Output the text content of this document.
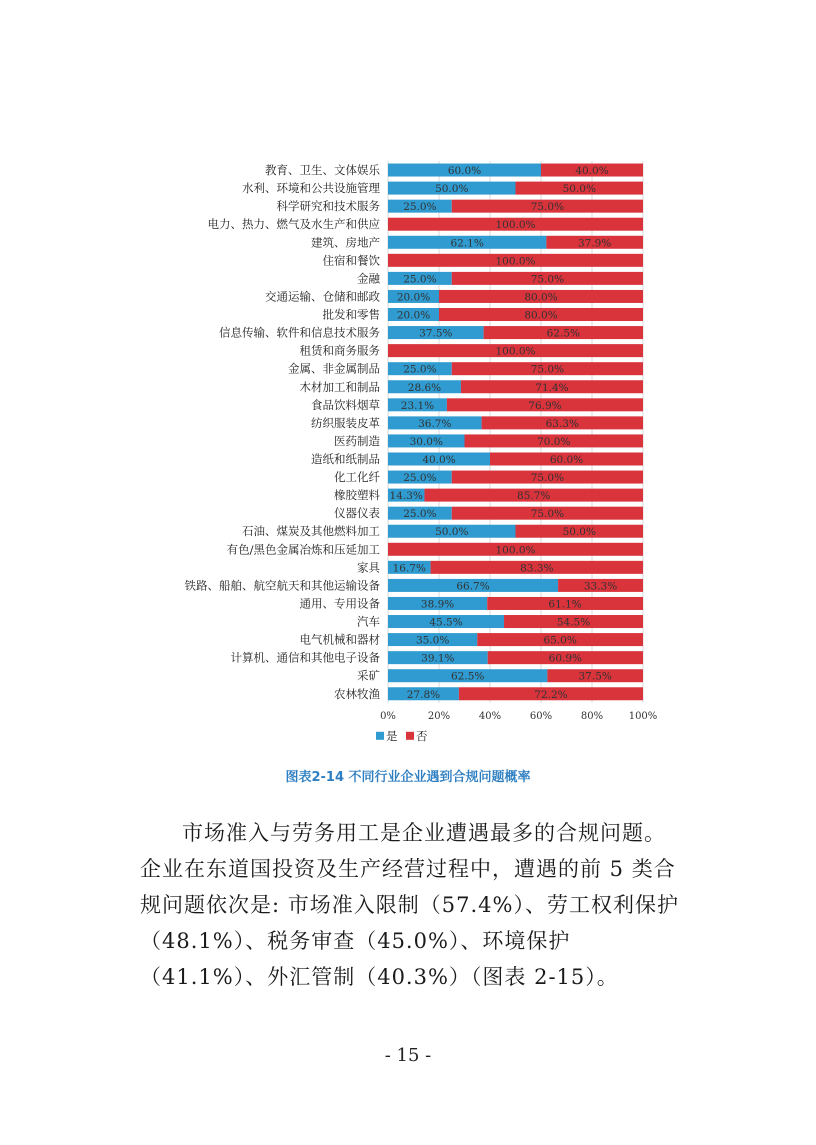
60.0%	40.0%
50.0%	50.0%
25.0%	75.0%
100.0%
62.1%	37.9%
100.0%
25.0%	75.0%
20.0%	80.0%
20.0%	80.0%
37.5%	62.5%
100.0%
25.0%	75.0%
28.6%	71.4%
23.1%	76.9%
36.7%	63.3%
30.0%	70.0%
40.0%	60.0%
25.0%	75.0%
14.3%	85.7%
25.0%	75.0%
50.0%	50.0%
100.0%
16.7%	83.3%
66.7%	33.3%
38.9%	61.1%
45.5%	54.5%
35.0%	65.0%
39.1%	60.9%
62.5%	37.5%
27.8%	72.2%
教育、卫生、文体娱乐
水利、环境和公共设施管理
科学研究和技术服务
电力、热力、燃气及水生产和供应
建筑、房地产
住宿和餐饮
金融
交通运输、仓储和邮政
批发和零售
信息传输、软件和信息技术服务
租赁和商务服务
金属、非金属制品
木材加工和制品
食品饮料烟草
纺织服装皮革
医药制造
造纸和纸制品
化工化纤
橡胶塑料
仪器仪表
石油、煤炭及其他燃料加工
有色/黑色金属冶炼和压延加工
家具
铁路、船舶、航空航天和其他运输设备
通用、专用设备
汽车
电气机械和器材
计算机、通信和其他电子设备
采矿
农林牧渔
0%	20%	40%	60%	80%	100%
是 否
图表2-14 不同行业企业遇到合规问题概率

市场准入与劳务用工是企业遭遇最多的合规问题。企业在东道国投资及生产经营过程中，遭遇的前 5 类合规问题依次是: 市场准入限制（57.4%）、劳工权利保护（48.1%）、税务审查（45.0%）、环境保护（41.1%）、外汇管制（40.3%）（图表 2-15）。

- 15 -
